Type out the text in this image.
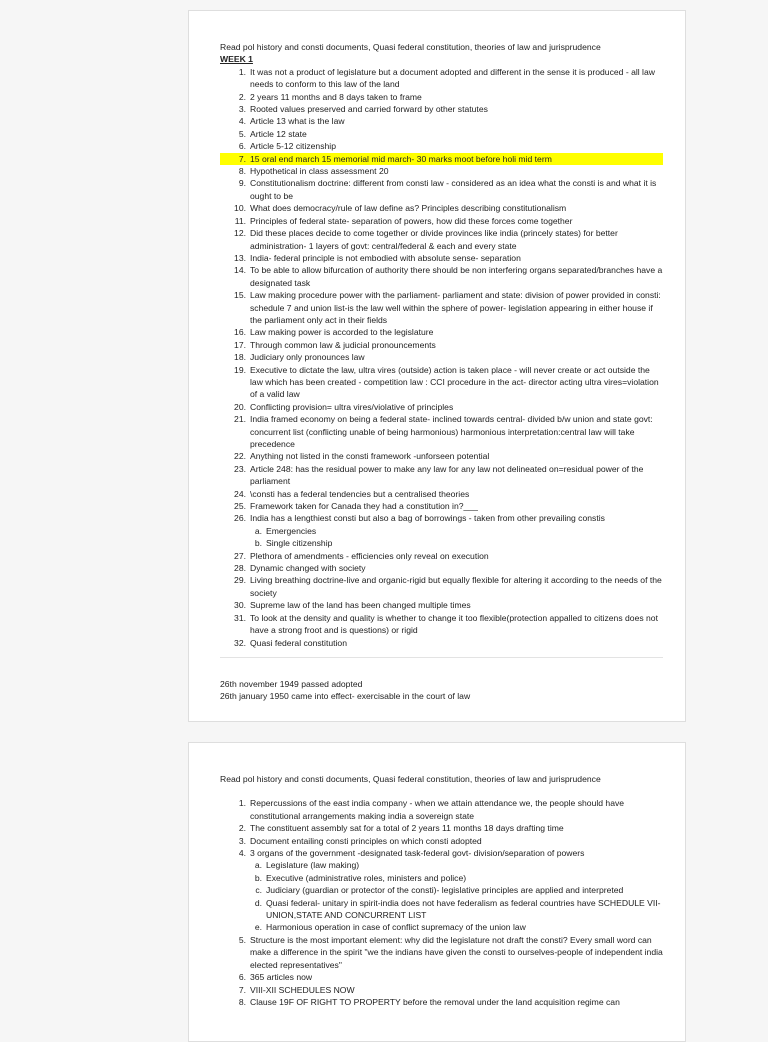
Read pol history and consti documents, Quasi federal constitution, theories of law and jurisprudence

WEEK 1

1. It was not a product of legislature but a document adopted and different in the sense it is produced - all law needs to conform to this law of the land
2. 2 years 11 months and 8 days taken to frame
3. Rooted values preserved and carried forward by other statutes
4. Article 13 what is the law
5. Article 12 state
6. Article 5-12 citizenship
7. 15 oral end march 15 memorial mid march- 30 marks moot before holi mid term
8. Hypothetical in class assessment 20
9. Constitutionalism doctrine: different from consti law - considered as an idea what the consti is and what it is ought to be
10. What does democracy/rule of law define as? Principles describing constitutionalism
11. Principles of federal state- separation of powers, how did these forces come together
12. Did these places decide to come together or divide provinces like india (princely states) for better administration- 1 layers of govt: central/federal & each and every state
13. India- federal principle is not embodied with absolute sense- separation
14. To be able to allow bifurcation of authority there should be non interfering organs separated/branches have a designated task
15. Law making procedure power with the parliament- parliament and state: division of power provided in consti: schedule 7 and union list-is the law well within the sphere of power- legislation appearing in either house if the parliament only act in their fields
16. Law making power is accorded to the legislature
17. Through common law & judicial pronouncements
18. Judiciary only pronounces law
19. Executive to dictate the law, ultra vires (outside) action is taken place - will never create or act outside the law which has been created - competition law : CCI procedure in the act- director acting ultra vires=violation of a valid law
20. Conflicting provision= ultra vires/violative of principles
21. India framed economy on being a federal state- inclined towards central- divided b/w union and state govt: concurrent list (conflicting unable of being harmonious) harmonious interpretation:central law will take precedence
22. Anything not listed in the consti framework -unforseen potential
23. Article 248: has the residual power to make any law for any law not delineated on=residual power of the parliament
24. \consti has a federal tendencies but a centralised theories
25. Framework taken for Canada they had a constitution in?___
26. India has a lengthiest consti but also a bag of borrowings - taken from other prevailing constis
a. Emergencies
b. Single citizenship
27. Plethora of amendments - efficiencies only reveal on execution
28. Dynamic changed with society
29. Living breathing doctrine-live and organic-rigid but equally flexible for altering it according to the needs of the society
30. Supreme law of the land has been changed multiple times
31. To look at the density and quality is whether to change it too flexible(protection appalled to citizens does not have a strong froot and is questions) or rigid
32. Quasi federal constitution

26th november 1949 passed adopted

26th january 1950 came into effect- exercisable in the court of law

Read pol history and consti documents, Quasi federal constitution, theories of law and jurisprudence

1. Repercussions of the east india company - when we attain attendance we, the people should have constitutional arrangements making india a sovereign state
2. The constituent assembly sat for a total of 2 years 11 months 18 days drafting time
3. Document entailing consti principles on which consti adopted
4. 3 organs of the government -designated task-federal govt- division/separation of powers
a. Legislature (law making)
b. Executive (administrative roles, ministers and police)
c. Judiciary (guardian or protector of the consti)- legislative principles are applied and interpreted
d. Quasi federal- unitary in spirit-india does not have federalism as federal countries have SCHEDULE VII-UNION,STATE AND CONCURRENT LIST
e. Harmonious operation in case of conflict supremacy of the union law
5. Structure is the most important element: why did the legislature not draft the consti? Every small word can make a difference in the spirit "we the indians have given the consti to ourselves-people of independent india elected representatives"
6. 365 articles now
7. VIII-XII SCHEDULES NOW
8. Clause 19F OF RIGHT TO PROPERTY before the removal under the land acquisition regime can
